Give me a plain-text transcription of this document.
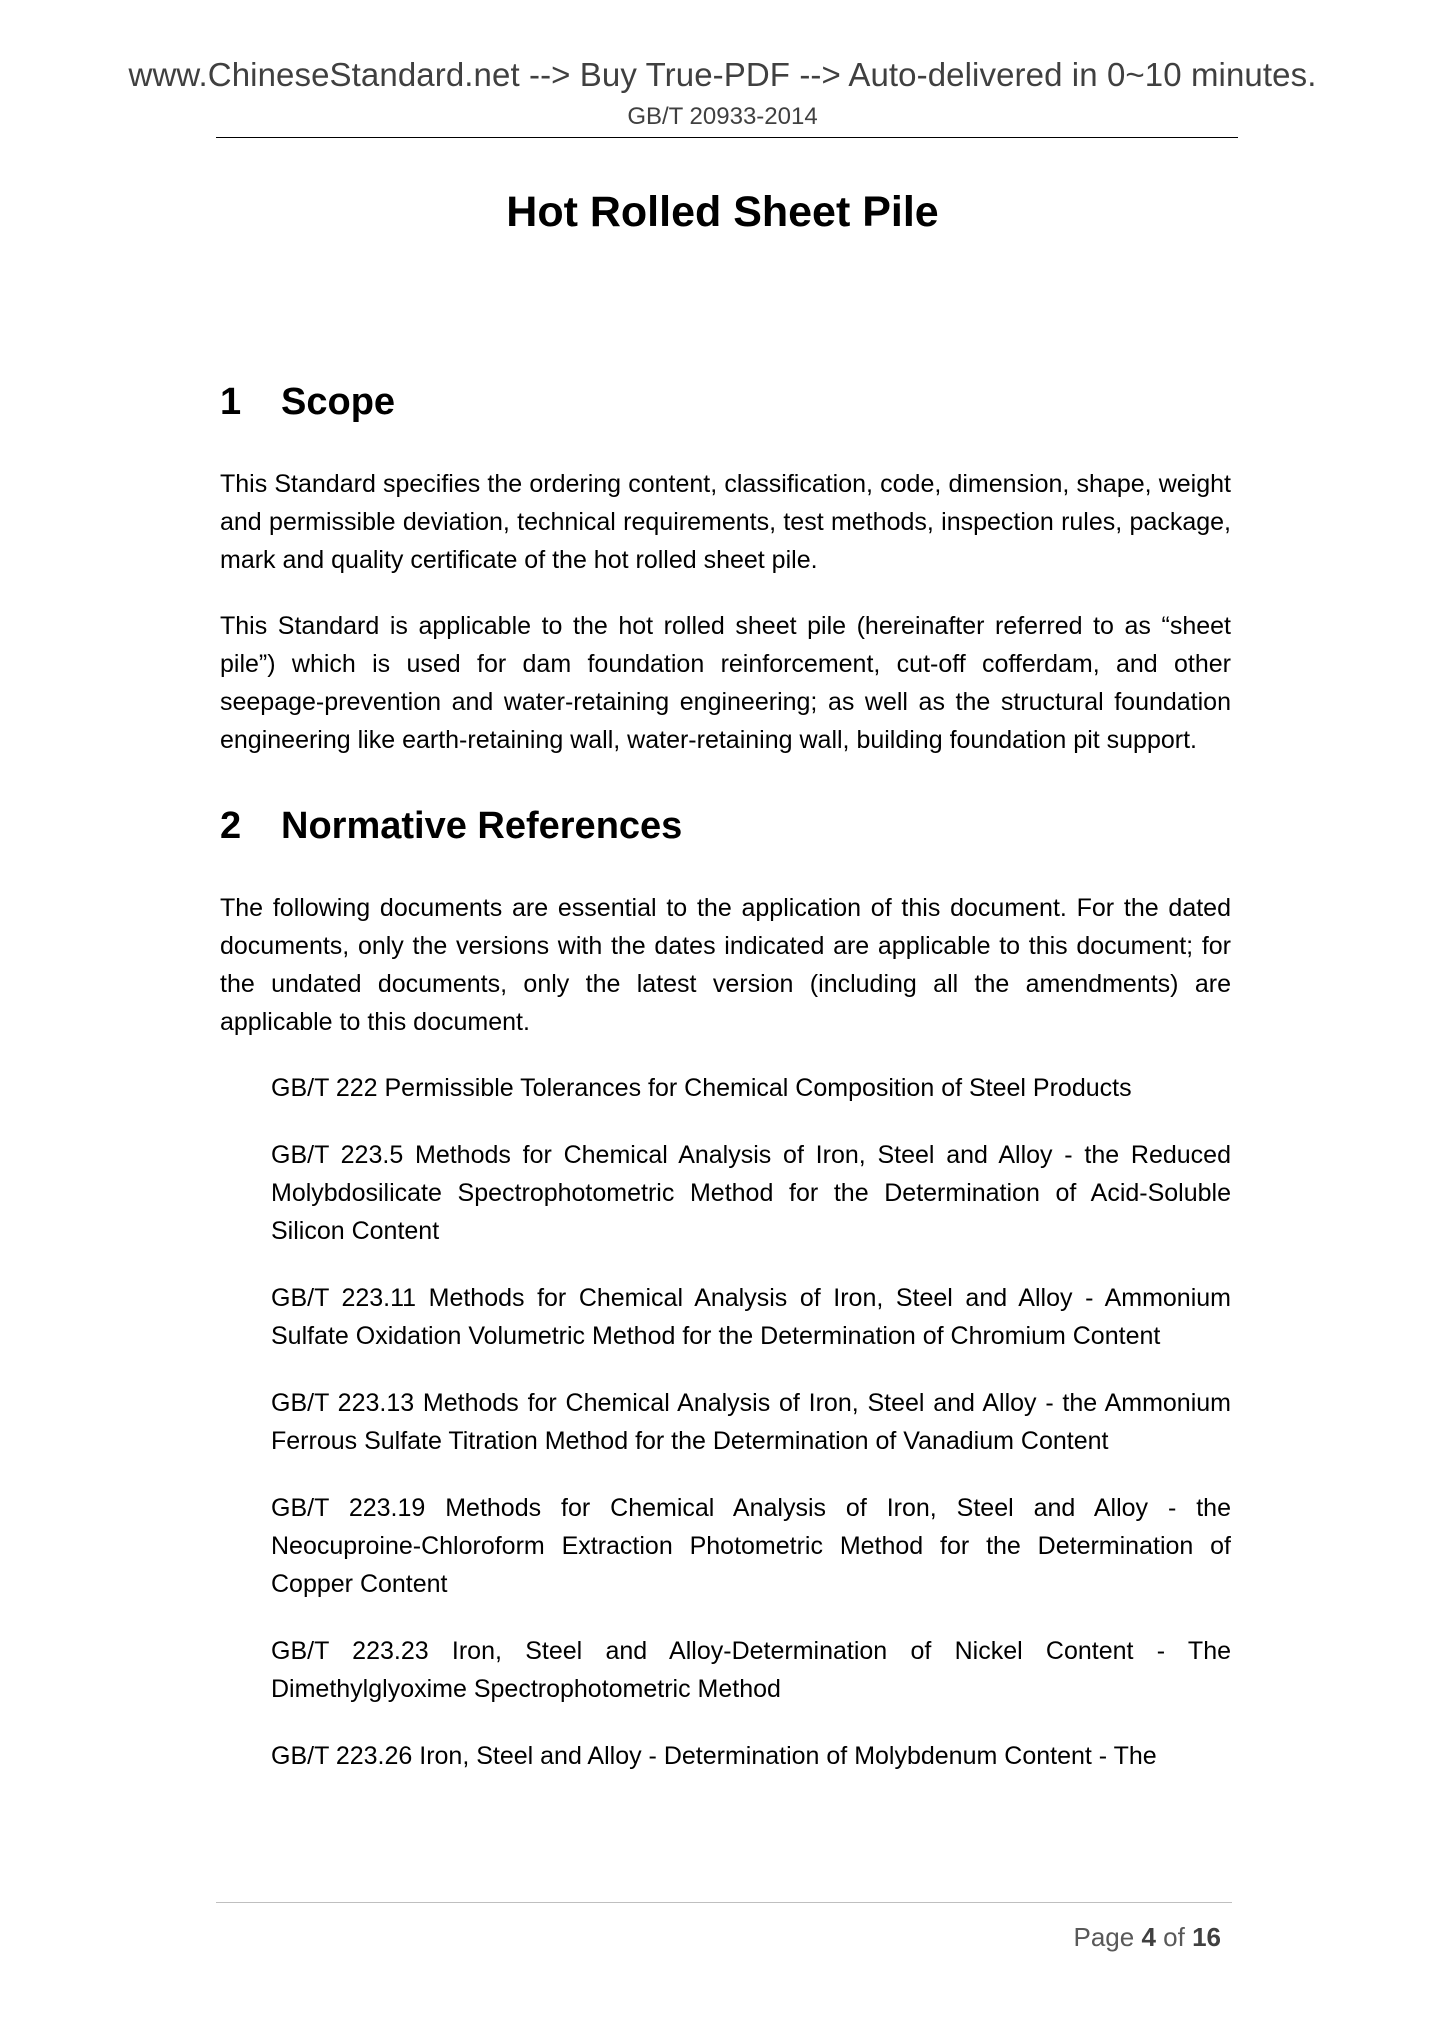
www.ChineseStandard.net --> Buy True-PDF --> Auto-delivered in 0~10 minutes.
GB/T 20933-2014
Hot Rolled Sheet Pile
1 Scope

This Standard specifies the ordering content, classification, code, dimension, shape, weight and permissible deviation, technical requirements, test methods, inspection rules, package, mark and quality certificate of the hot rolled sheet pile.

This Standard is applicable to the hot rolled sheet pile (hereinafter referred to as “sheet pile”) which is used for dam foundation reinforcement, cut-off cofferdam, and other seepage-prevention and water-retaining engineering; as well as the structural foundation engineering like earth-retaining wall, water-retaining wall, building foundation pit support.

2 Normative References

The following documents are essential to the application of this document. For the dated documents, only the versions with the dates indicated are applicable to this document; for the undated documents, only the latest version (including all the amendments) are applicable to this document.

GB/T 222 Permissible Tolerances for Chemical Composition of Steel Products
GB/T 223.5 Methods for Chemical Analysis of Iron, Steel and Alloy - the Reduced Molybdosilicate Spectrophotometric Method for the Determination of Acid-Soluble Silicon Content
GB/T 223.11 Methods for Chemical Analysis of Iron, Steel and Alloy - Ammonium Sulfate Oxidation Volumetric Method for the Determination of Chromium Content
GB/T 223.13 Methods for Chemical Analysis of Iron, Steel and Alloy - the Ammonium Ferrous Sulfate Titration Method for the Determination of Vanadium Content
GB/T 223.19 Methods for Chemical Analysis of Iron, Steel and Alloy - the Neocuproine-Chloroform Extraction Photometric Method for the Determination of Copper Content
GB/T 223.23 Iron, Steel and Alloy-Determination of Nickel Content - The Dimethylglyoxime Spectrophotometric Method
GB/T 223.26 Iron, Steel and Alloy - Determination of Molybdenum Content - The
Page 4 of 16
